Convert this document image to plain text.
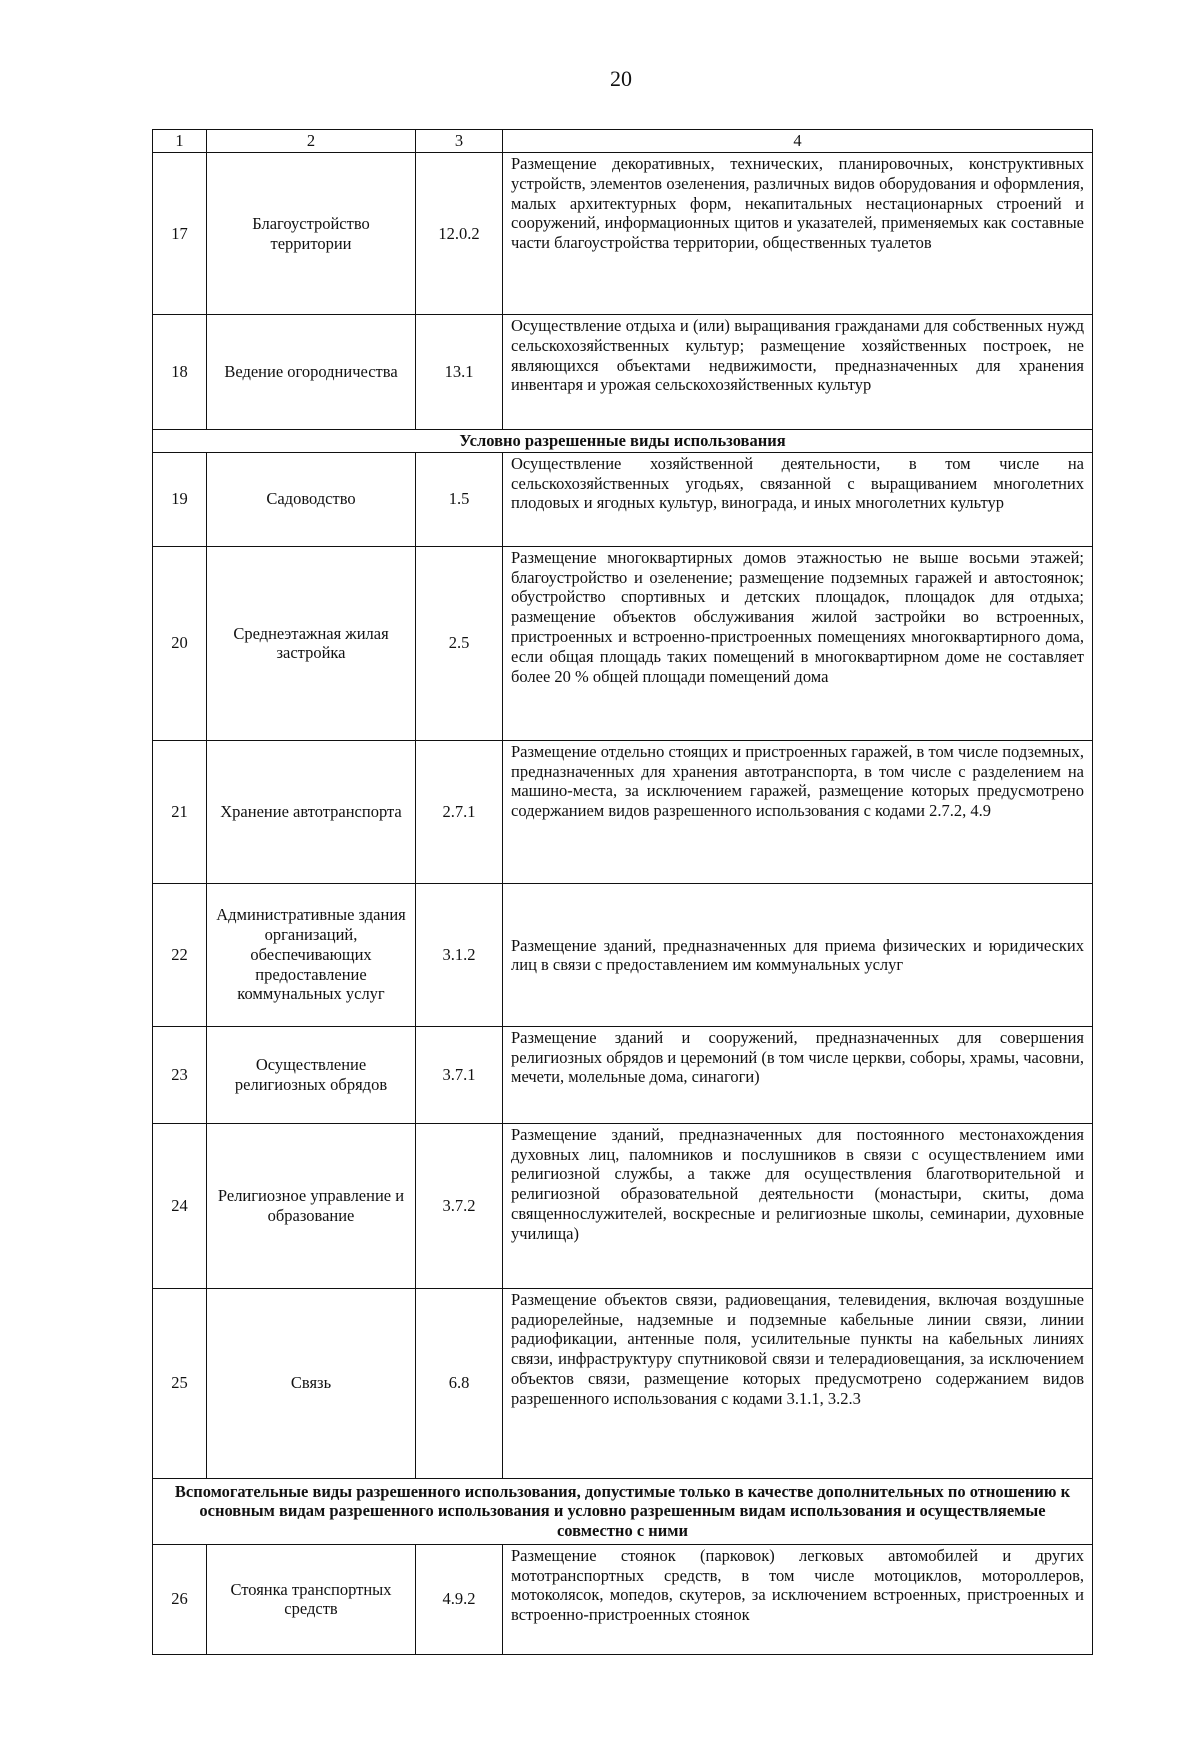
20
1	2	3	4
17	Благоустройство территории	12.0.2	Размещение декоративных, технических, планировочных, конструктивных устройств, элементов озеленения, различных видов оборудования и оформления, малых архитектурных форм, некапитальных нестационарных строений и сооружений, информационных щитов и указателей, применяемых как составные части благоустройства территории, общественных туалетов
18	Ведение огородничества	13.1	Осуществление отдыха и (или) выращивания гражданами для собственных нужд сельскохозяйственных культур; размещение хозяйственных построек, не являющихся объектами недвижимости, предназначенных для хранения инвентаря и урожая сельскохозяйственных культур
Условно разрешенные виды использования			
19	Садоводство	1.5	Осуществление хозяйственной деятельности, в том числе на сельскохозяйственных угодьях, связанной с выращиванием многолетних плодовых и ягодных культур, винограда, и иных многолетних культур
20	Среднеэтажная жилая застройка	2.5	Размещение многоквартирных домов этажностью не выше восьми этажей; благоустройство и озеленение; размещение подземных гаражей и автостоянок; обустройство спортивных и детских площадок, площадок для отдыха; размещение объектов обслуживания жилой застройки во встроенных, пристроенных и встроенно-пристроенных помещениях многоквартирного дома, если общая площадь таких помещений в многоквартирном доме не составляет более 20 % общей площади помещений дома
21	Хранение автотранспорта	2.7.1	Размещение отдельно стоящих и пристроенных гаражей, в том числе подземных, предназначенных для хранения автотранспорта, в том числе с разделением на машино-места, за исключением гаражей, размещение которых предусмотрено содержанием видов разрешенного использования с кодами 2.7.2, 4.9
22	Административные здания организаций, обеспечивающих предоставление коммунальных услуг	3.1.2	Размещение зданий, предназначенных для приема физических и юридических лиц в связи с предоставлением им коммунальных услуг
23	Осуществление религиозных обрядов	3.7.1	Размещение зданий и сооружений, предназначенных для совершения религиозных обрядов и церемоний (в том числе церкви, соборы, храмы, часовни, мечети, молельные дома, синагоги)
24	Религиозное управление и образование	3.7.2	Размещение зданий, предназначенных для постоянного местонахождения духовных лиц, паломников и послушников в связи с осуществлением ими религиозной службы, а также для осуществления благотворительной и религиозной образовательной деятельности (монастыри, скиты, дома священнослужителей, воскресные и религиозные школы, семинарии, духовные училища)
25	Связь	6.8	Размещение объектов связи, радиовещания, телевидения, включая воздушные радиорелейные, надземные и подземные кабельные линии связи, линии радиофикации, антенные поля, усилительные пункты на кабельных линиях связи, инфраструктуру спутниковой связи и телерадиовещания, за исключением объектов связи, размещение которых предусмотрено содержанием видов разрешенного использования с кодами 3.1.1, 3.2.3
Вспомогательные виды разрешенного использования, допустимые только в качестве дополнительных по отношению к основным видам разрешенного использования и условно разрешенным видам использования и осуществляемые совместно с ними			
26	Стоянка транспортных средств	4.9.2	Размещение стоянок (парковок) легковых автомобилей и других мототранспортных средств, в том числе мотоциклов, мотороллеров, мотоколясок, мопедов, скутеров, за исключением встроенных, пристроенных и встроенно-пристроенных стоянок
